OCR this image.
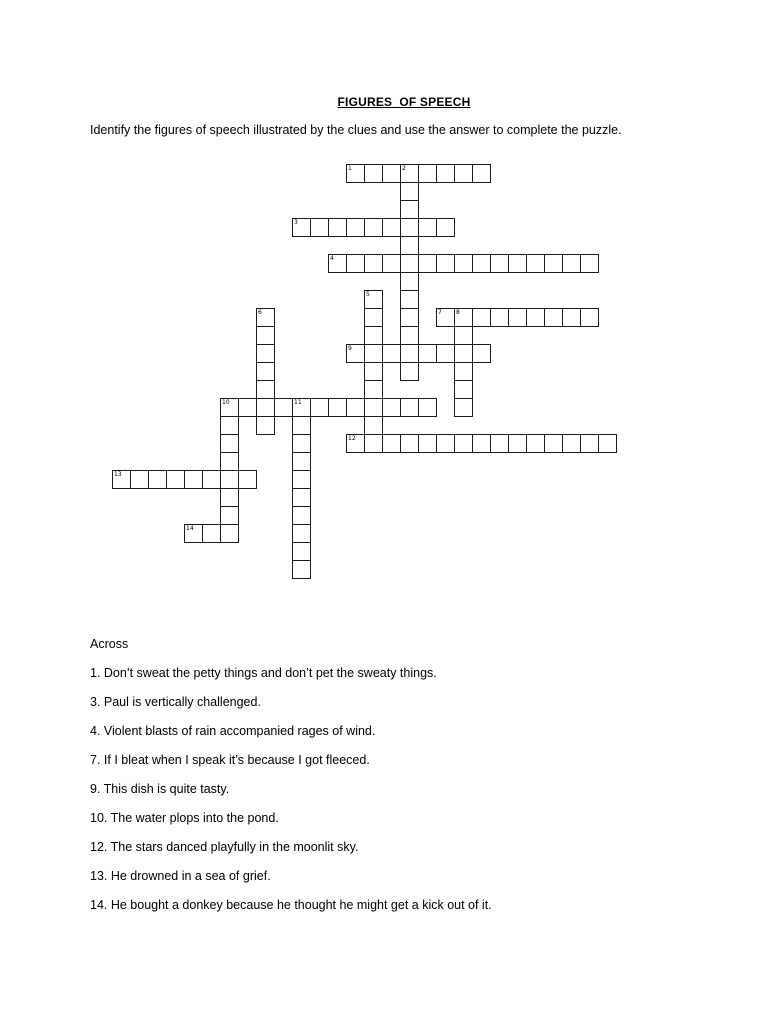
FIGURES  OF SPEECH
Identify the figures of speech illustrated by the clues and use the answer to complete the puzzle.
1	2
3
4
5
6	7 8
9
10	11
12
13
14
Across
1. Don’t sweat the petty things and don’t pet the sweaty things.
3. Paul is vertically challenged.
4. Violent blasts of rain accompanied rages of wind.
7. If I bleat when I speak it’s because I got fleeced.
9. This dish is quite tasty.
10. The water plops into the pond.
12. The stars danced playfully in the moonlit sky.
13. He drowned in a sea of grief.
14. He bought a donkey because he thought he might get a kick out of it.
